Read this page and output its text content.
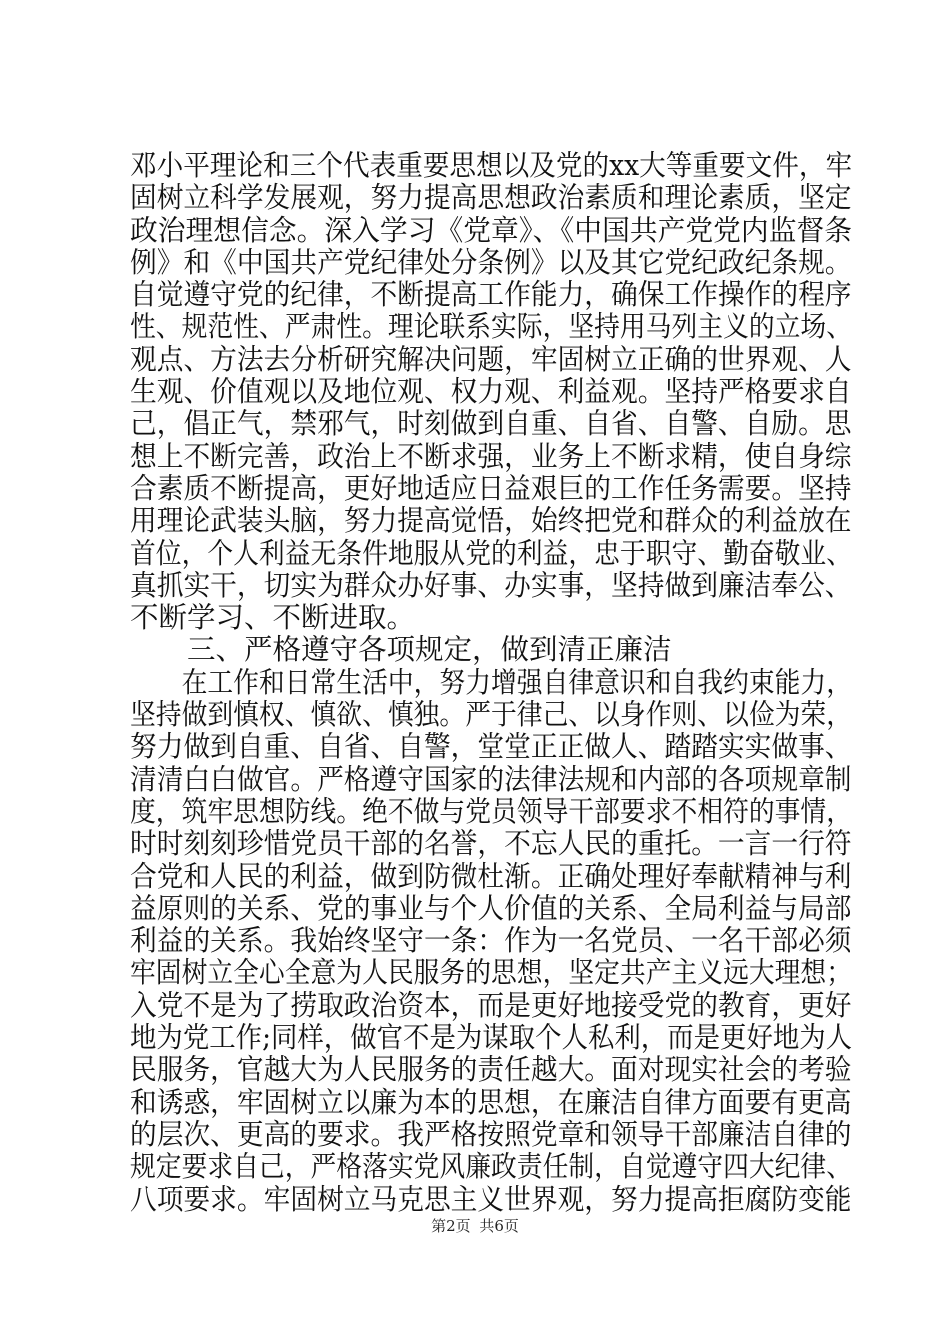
邓小平理论和三个代表重要思想以及党的xx大等重要文件，牢
固树立科学发展观，努力提高思想政治素质和理论素质，坚定
政治理想信念。深入学习《党章》、《中国共产党党内监督条
例》和《中国共产党纪律处分条例》以及其它党纪政纪条规。
自觉遵守党的纪律，不断提高工作能力，确保工作操作的程序
性、规范性、严肃性。理论联系实际，坚持用马列主义的立场、
观点、方法去分析研究解决问题，牢固树立正确的世界观、人
生观、价值观以及地位观、权力观、利益观。坚持严格要求自
己，倡正气，禁邪气，时刻做到自重、自省、自警、自励。思
想上不断完善，政治上不断求强，业务上不断求精，使自身综
合素质不断提高，更好地适应日益艰巨的工作任务需要。坚持
用理论武装头脑，努力提高觉悟，始终把党和群众的利益放在
首位，个人利益无条件地服从党的利益，忠于职守、勤奋敬业、
真抓实干，切实为群众办好事、办实事，坚持做到廉洁奉公、
不断学习、不断进取。
　　三、严格遵守各项规定，做到清正廉洁
　　在工作和日常生活中，努力增强自律意识和自我约束能力，
坚持做到慎权、慎欲、慎独。严于律己、以身作则、以俭为荣，
努力做到自重、自省、自警，堂堂正正做人、踏踏实实做事、
清清白白做官。严格遵守国家的法律法规和内部的各项规章制
度，筑牢思想防线。绝不做与党员领导干部要求不相符的事情，
时时刻刻珍惜党员干部的名誉，不忘人民的重托。一言一行符
合党和人民的利益，做到防微杜渐。正确处理好奉献精神与利
益原则的关系、党的事业与个人价值的关系、全局利益与局部
利益的关系。我始终坚守一条：作为一名党员、一名干部必须
牢固树立全心全意为人民服务的思想，坚定共产主义远大理想；
入党不是为了捞取政治资本，而是更好地接受党的教育，更好
地为党工作;同样，做官不是为谋取个人私利，而是更好地为人
民服务，官越大为人民服务的责任越大。面对现实社会的考验
和诱惑，牢固树立以廉为本的思想，在廉洁自律方面要有更高
的层次、更高的要求。我严格按照党章和领导干部廉洁自律的
规定要求自己，严格落实党风廉政责任制，自觉遵守四大纪律、
八项要求。牢固树立马克思主义世界观，努力提高拒腐防变能
第2页 共6页
